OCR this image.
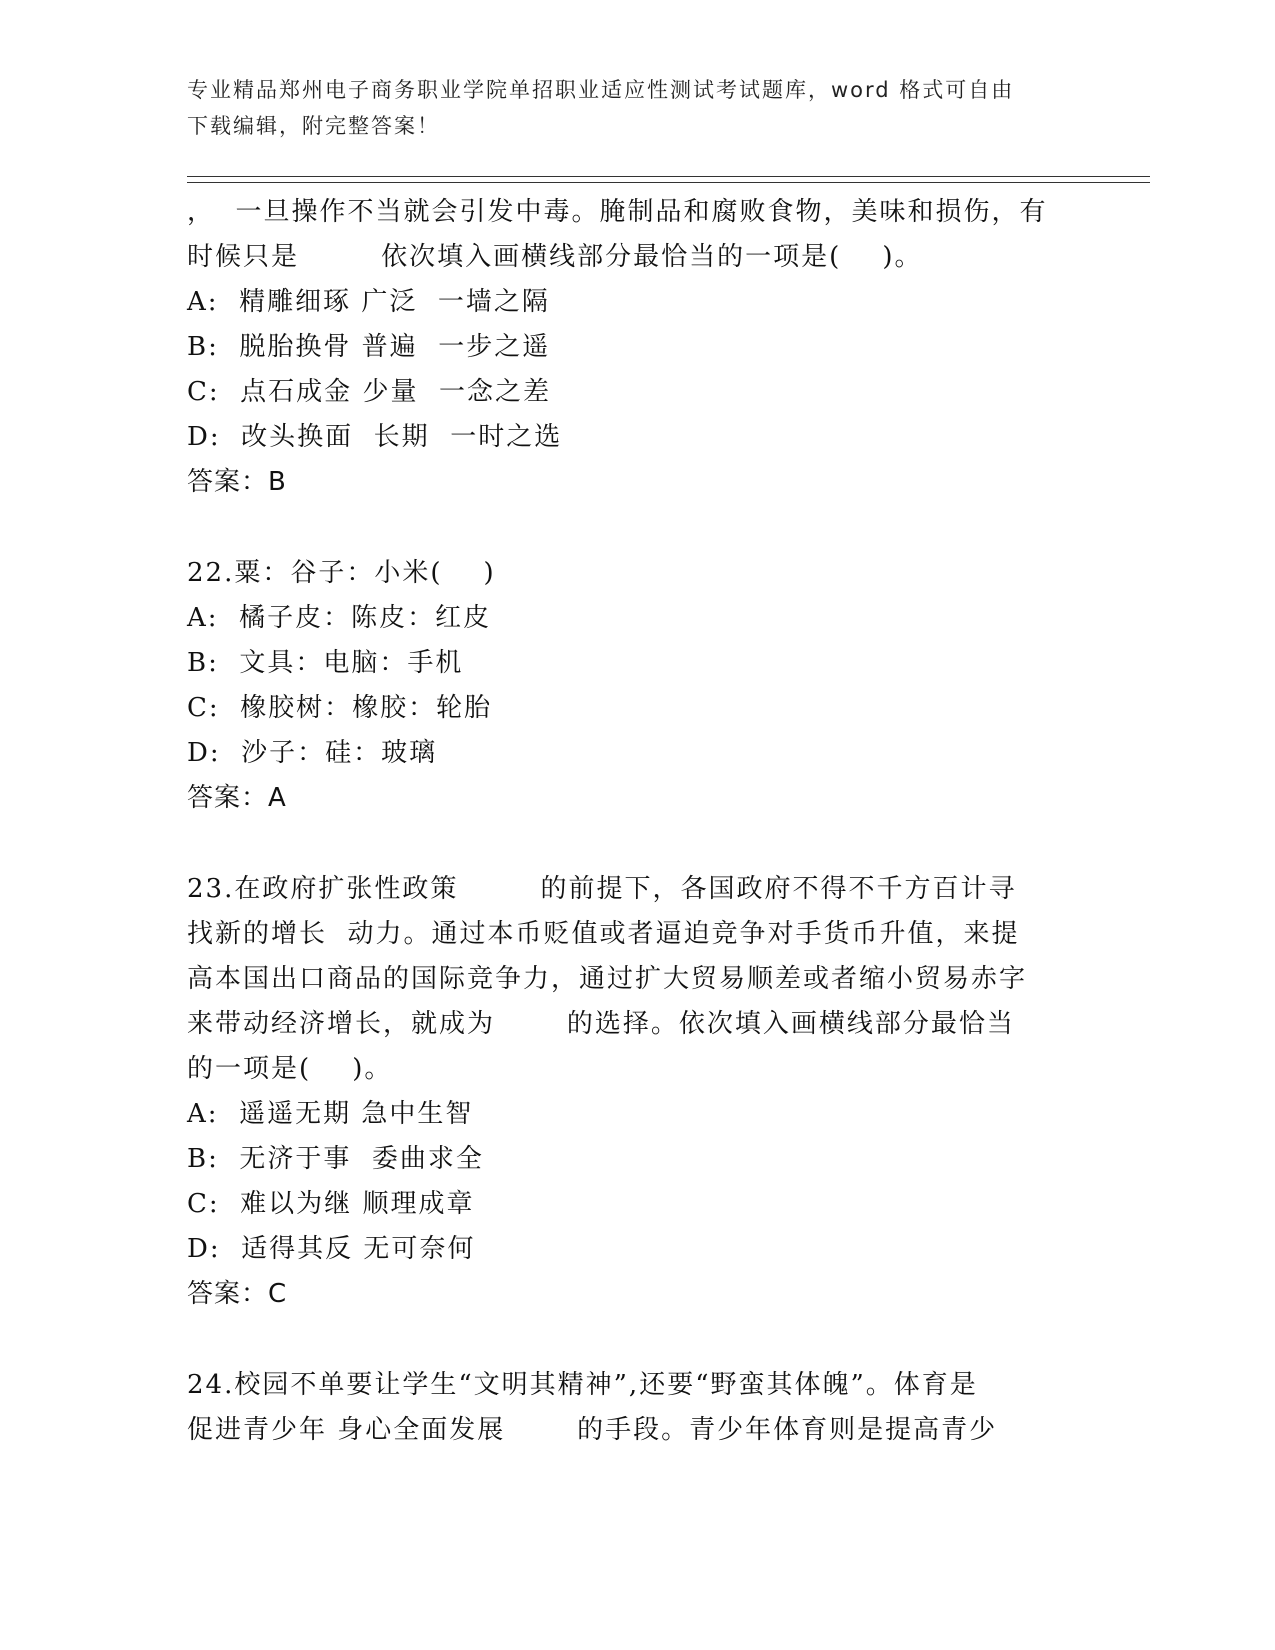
专业精品郑州电子商务职业学院单招职业适应性测试考试题库，word 格式可自由
下载编辑，附完整答案！
，  一旦操作不当就会引发中毒。腌制品和腐败食物，美味和损伤，有
时候只是        依次填入画横线部分最恰当的一项是(    )。
A:  精雕细琢 广泛  一墙之隔
B:  脱胎换骨 普遍  一步之遥
C:  点石成金 少量  一念之差
D:  改头换面  长期  一时之选
答案：B
22.粟：谷子：小米(    )
A:  橘子皮：陈皮：红皮
B:  文具：电脑：手机
C:  橡胶树：橡胶：轮胎
D:  沙子：硅：玻璃
答案：A
23.在政府扩张性政策        的前提下，各国政府不得不千方百计寻
找新的增长  动力。通过本币贬值或者逼迫竞争对手货币升值，来提
高本国出口商品的国际竞争力，通过扩大贸易顺差或者缩小贸易赤字
来带动经济增长，就成为       的选择。依次填入画横线部分最恰当
的一项是(    )。
A:  遥遥无期 急中生智
B:  无济于事  委曲求全
C:  难以为继 顺理成章
D:  适得其反 无可奈何
答案：C
24.校园不单要让学生“文明其精神”,还要“野蛮其体魄”。体育是
促进青少年 身心全面发展       的手段。青少年体育则是提高青少
